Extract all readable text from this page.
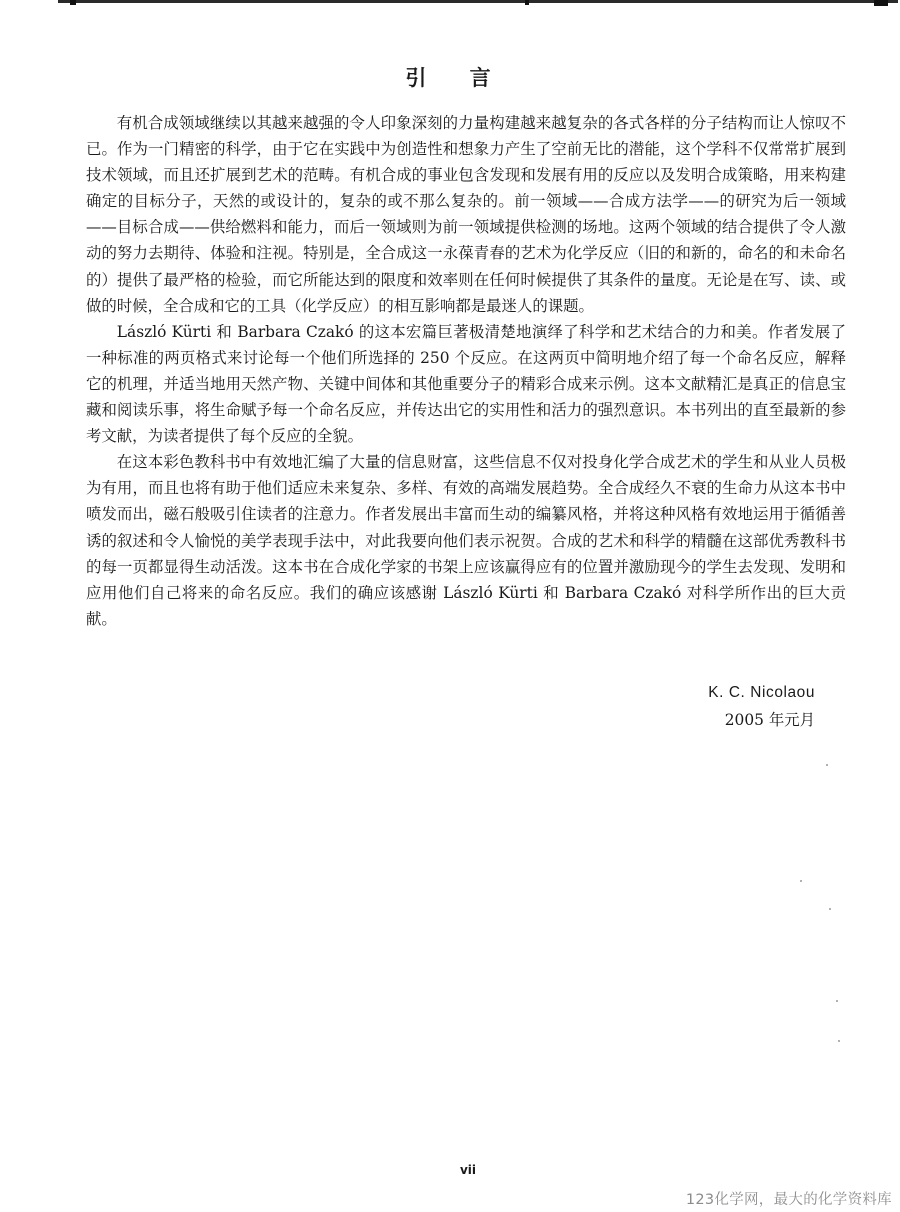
引 言

有机合成领域继续以其越来越强的令人印象深刻的力量构建越来越复杂的各式各样的分子结构而让人惊叹不已。作为一门精密的科学，由于它在实践中为创造性和想象力产生了空前无比的潜能，这个学科不仅常常扩展到技术领域，而且还扩展到艺术的范畴。有机合成的事业包含发现和发展有用的反应以及发明合成策略，用来构建确定的目标分子，天然的或设计的，复杂的或不那么复杂的。前一领域——合成方法学——的研究为后一领域——目标合成——供给燃料和能力，而后一领域则为前一领域提供检测的场地。这两个领域的结合提供了令人激动的努力去期待、体验和注视。特别是，全合成这一永葆青春的艺术为化学反应（旧的和新的，命名的和未命名的）提供了最严格的检验，而它所能达到的限度和效率则在任何时候提供了其条件的量度。无论是在写、读、或做的时候，全合成和它的工具（化学反应）的相互影响都是最迷人的课题。

László Kürti 和 Barbara Czakó 的这本宏篇巨著极清楚地演绎了科学和艺术结合的力和美。作者发展了一种标准的两页格式来讨论每一个他们所选择的 250 个反应。在这两页中简明地介绍了每一个命名反应，解释它的机理，并适当地用天然产物、关键中间体和其他重要分子的精彩合成来示例。这本文献精汇是真正的信息宝藏和阅读乐事，将生命赋予每一个命名反应，并传达出它的实用性和活力的强烈意识。本书列出的直至最新的参考文献，为读者提供了每个反应的全貌。

在这本彩色教科书中有效地汇编了大量的信息财富，这些信息不仅对投身化学合成艺术的学生和从业人员极为有用，而且也将有助于他们适应未来复杂、多样、有效的高端发展趋势。全合成经久不衰的生命力从这本书中喷发而出，磁石般吸引住读者的注意力。作者发展出丰富而生动的编纂风格，并将这种风格有效地运用于循循善诱的叙述和令人愉悦的美学表现手法中，对此我要向他们表示祝贺。合成的艺术和科学的精髓在这部优秀教科书的每一页都显得生动活泼。这本书在合成化学家的书架上应该赢得应有的位置并激励现今的学生去发现、发明和应用他们自己将来的命名反应。我们的确应该感谢 László Kürti 和 Barbara Czakó 对科学所作出的巨大贡献。

K. C. Nicolaou
2005 年元月
vii
123化学网，最大的化学资料库
